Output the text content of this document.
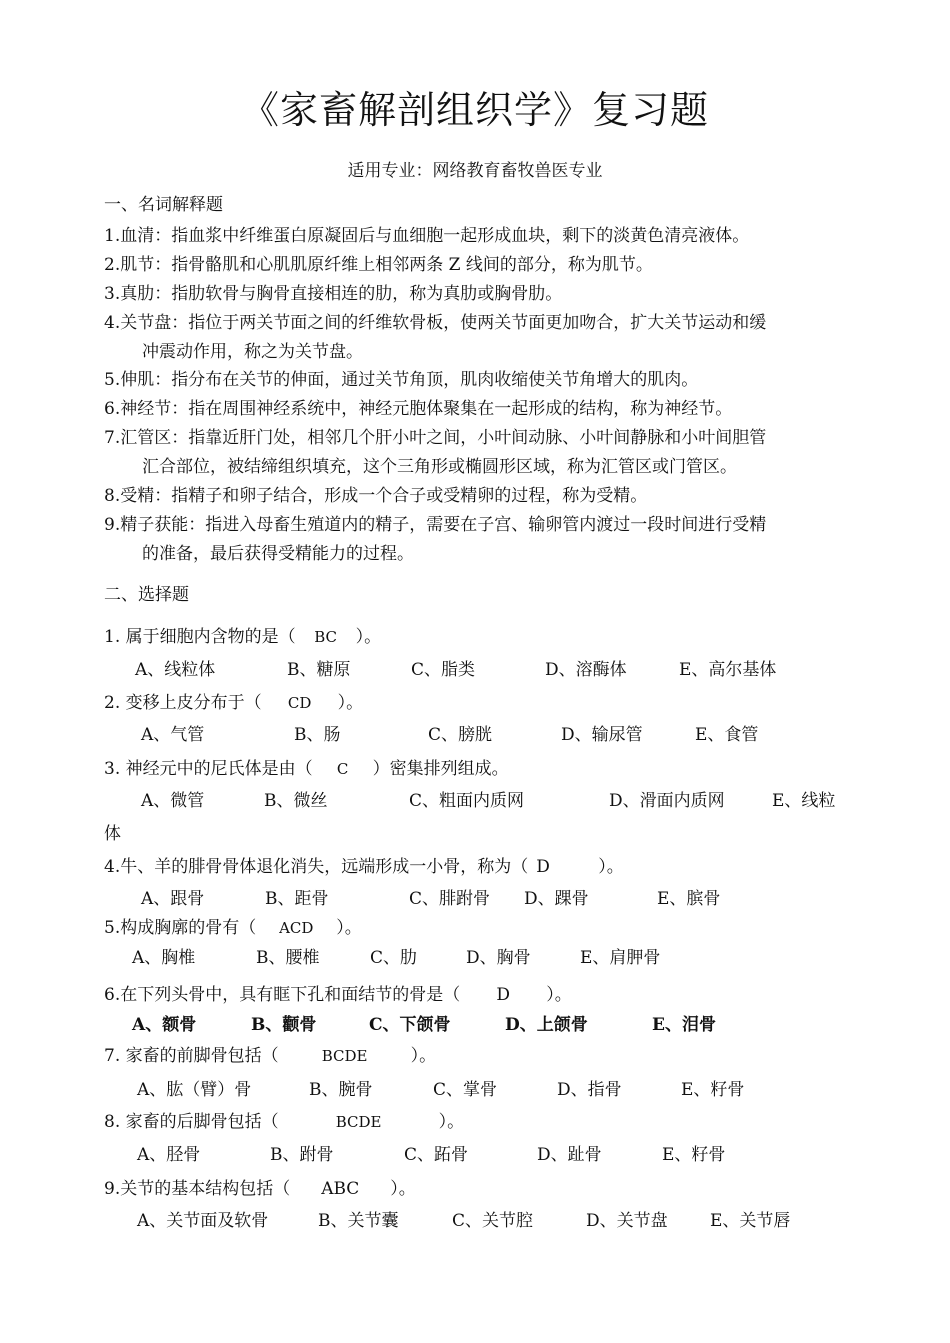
《家畜解剖组织学》复习题
适用专业：网络教育畜牧兽医专业
一、名词解释题
1.血清：指血浆中纤维蛋白原凝固后与血细胞一起形成血块，剩下的淡黄色清亮液体。
2.肌节：指骨骼肌和心肌肌原纤维上相邻两条 Z 线间的部分，称为肌节。
3.真肋：指肋软骨与胸骨直接相连的肋，称为真肋或胸骨肋。
4.关节盘：指位于两关节面之间的纤维软骨板，使两关节面更加吻合，扩大关节运动和缓
冲震动作用，称之为关节盘。
5.伸肌：指分布在关节的伸面，通过关节角顶，肌肉收缩使关节角增大的肌肉。
6.神经节：指在周围神经系统中，神经元胞体聚集在一起形成的结构，称为神经节。
7.汇管区：指靠近肝门处，相邻几个肝小叶之间，小叶间动脉、小叶间静脉和小叶间胆管
汇合部位，被结缔组织填充，这个三角形或椭圆形区域，称为汇管区或门管区。
8.受精：指精子和卵子结合，形成一个合子或受精卵的过程，称为受精。
9.精子获能：指进入母畜生殖道内的精子，需要在子宫、输卵管内渡过一段时间进行受精
的准备，最后获得受精能力的过程。
二、选择题
1. 属于细胞内含物的是（ BC ）。
A、线粒体	B、糖原	C、脂类	D、溶酶体	E、高尔基体
2. 变移上皮分布于（ CD ）。
A、气管	B、肠	C、膀胱	D、输尿管	E、食管
3. 神经元中的尼氏体是由（ C ）密集排列组成。
A、微管	B、微丝	C、粗面内质网	D、滑面内质网	E、线粒
体
4.牛、羊的腓骨骨体退化消失，远端形成一小骨，称为（ D	）。
A、跟骨	B、距骨	C、腓跗骨 D、踝骨	E、膑骨
5.构成胸廓的骨有（ ACD ）。
A、胸椎	B、腰椎	C、肋	D、胸骨	E、肩胛骨
6.在下列头骨中，具有眶下孔和面结节的骨是（ D ）。
A、额骨	B、颧骨	C、下颌骨	D、上颌骨	E、泪骨
7. 家畜的前脚骨包括（	BCDE	）。
A、肱（臂）骨	B、腕骨	C、掌骨	D、指骨	E、籽骨
8. 家畜的后脚骨包括（	BCDE	）。
A、胫骨	B、跗骨	C、跖骨	D、趾骨	E、籽骨
9.关节的基本结构包括（ ABC ）。
A、关节面及软骨	B、关节囊	C、关节腔	D、关节盘 E、关节唇
